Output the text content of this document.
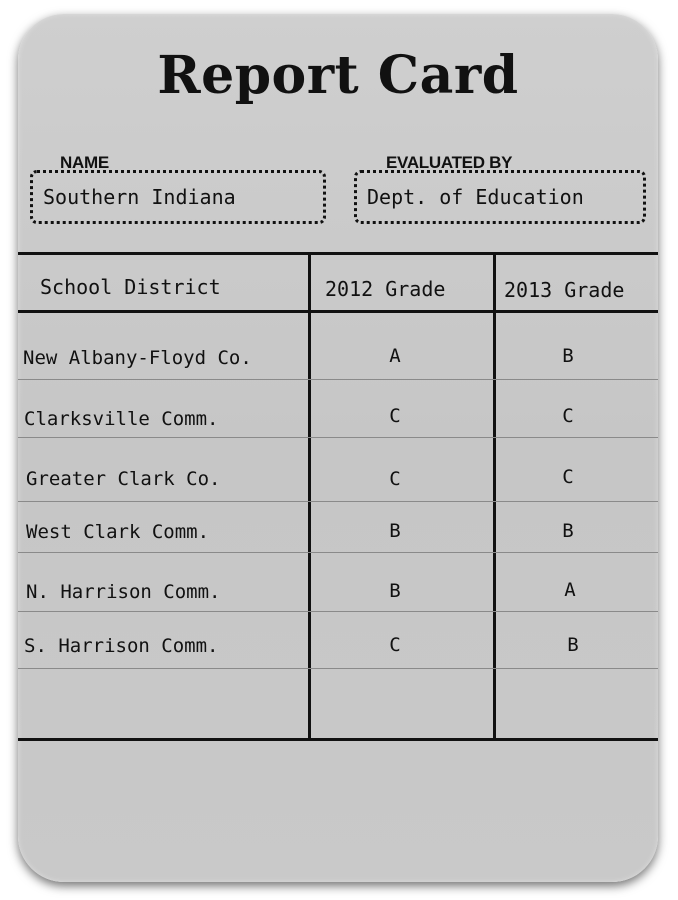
Report Card
Southern Indiana
NAME
Dept. of Education
EVALUATED BY
School District	2012 Grade	2013 Grade
New Albany-Floyd Co.	A	B
Clarksville Comm.	C	C
Greater Clark Co.	C	C
West Clark Comm.	B	B
N. Harrison Comm.	B	A
S. Harrison Comm.	C	B
